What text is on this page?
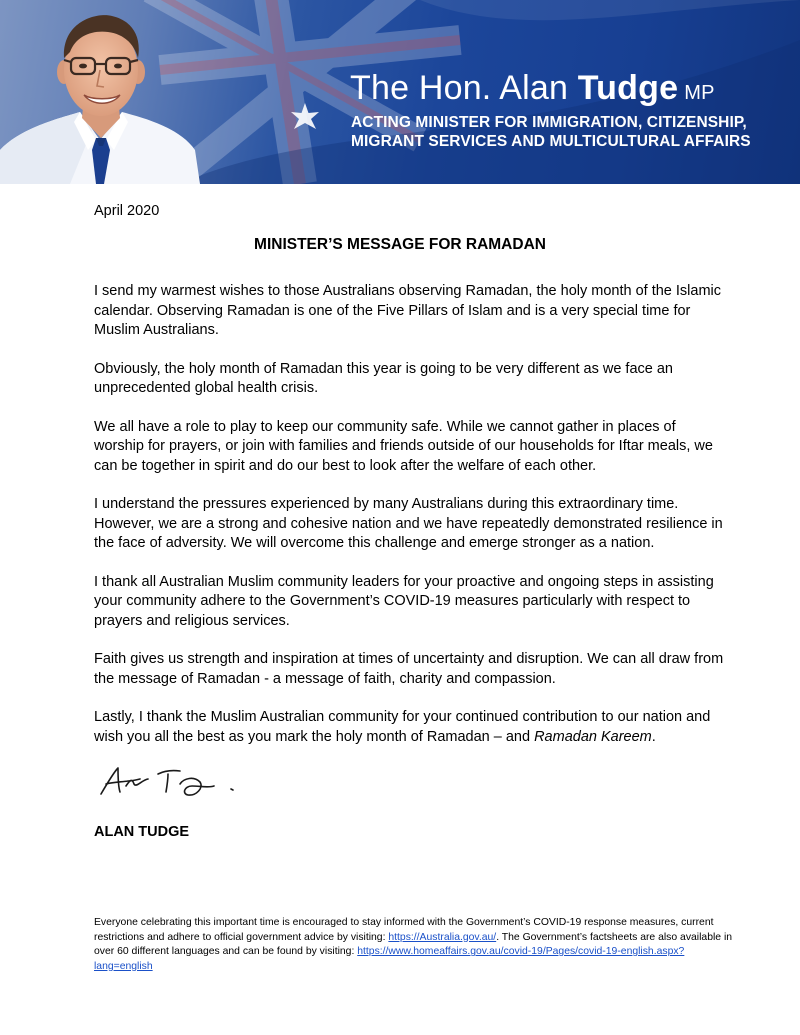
The Hon. Alan Tudge MP
ACTING MINISTER FOR IMMIGRATION, CITIZENSHIP,
MIGRANT SERVICES AND MULTICULTURAL AFFAIRS
April 2020
MINISTER’S MESSAGE FOR RAMADAN

I send my warmest wishes to those Australians observing Ramadan, the holy month of the Islamic calendar. Observing Ramadan is one of the Five Pillars of Islam and is a very special time for Muslim Australians.

Obviously, the holy month of Ramadan this year is going to be very different as we face an unprecedented global health crisis.

We all have a role to play to keep our community safe. While we cannot gather in places of worship for prayers, or join with families and friends outside of our households for Iftar meals, we can be together in spirit and do our best to look after the welfare of each other.

I understand the pressures experienced by many Australians during this extraordinary time. However, we are a strong and cohesive nation and we have repeatedly demonstrated resilience in the face of adversity. We will overcome this challenge and emerge stronger as a nation.

I thank all Australian Muslim community leaders for your proactive and ongoing steps in assisting your community adhere to the Government’s COVID-19 measures particularly with respect to prayers and religious services.

Faith gives us strength and inspiration at times of uncertainty and disruption. We can all draw from the message of Ramadan - a message of faith, charity and compassion.

Lastly, I thank the Muslim Australian community for your continued contribution to our nation and wish you all the best as you mark the holy month of Ramadan – and Ramadan Kareem.

ALAN TUDGE
Everyone celebrating this important time is encouraged to stay informed with the Government’s COVID-19 response measures, current restrictions and adhere to official government advice by visiting: https://Australia.gov.au/. The Government’s factsheets are also available in over 60 different languages and can be found by visiting: https://www.homeaffairs.gov.au/covid-19/Pages/covid-19-english.aspx?lang=english
